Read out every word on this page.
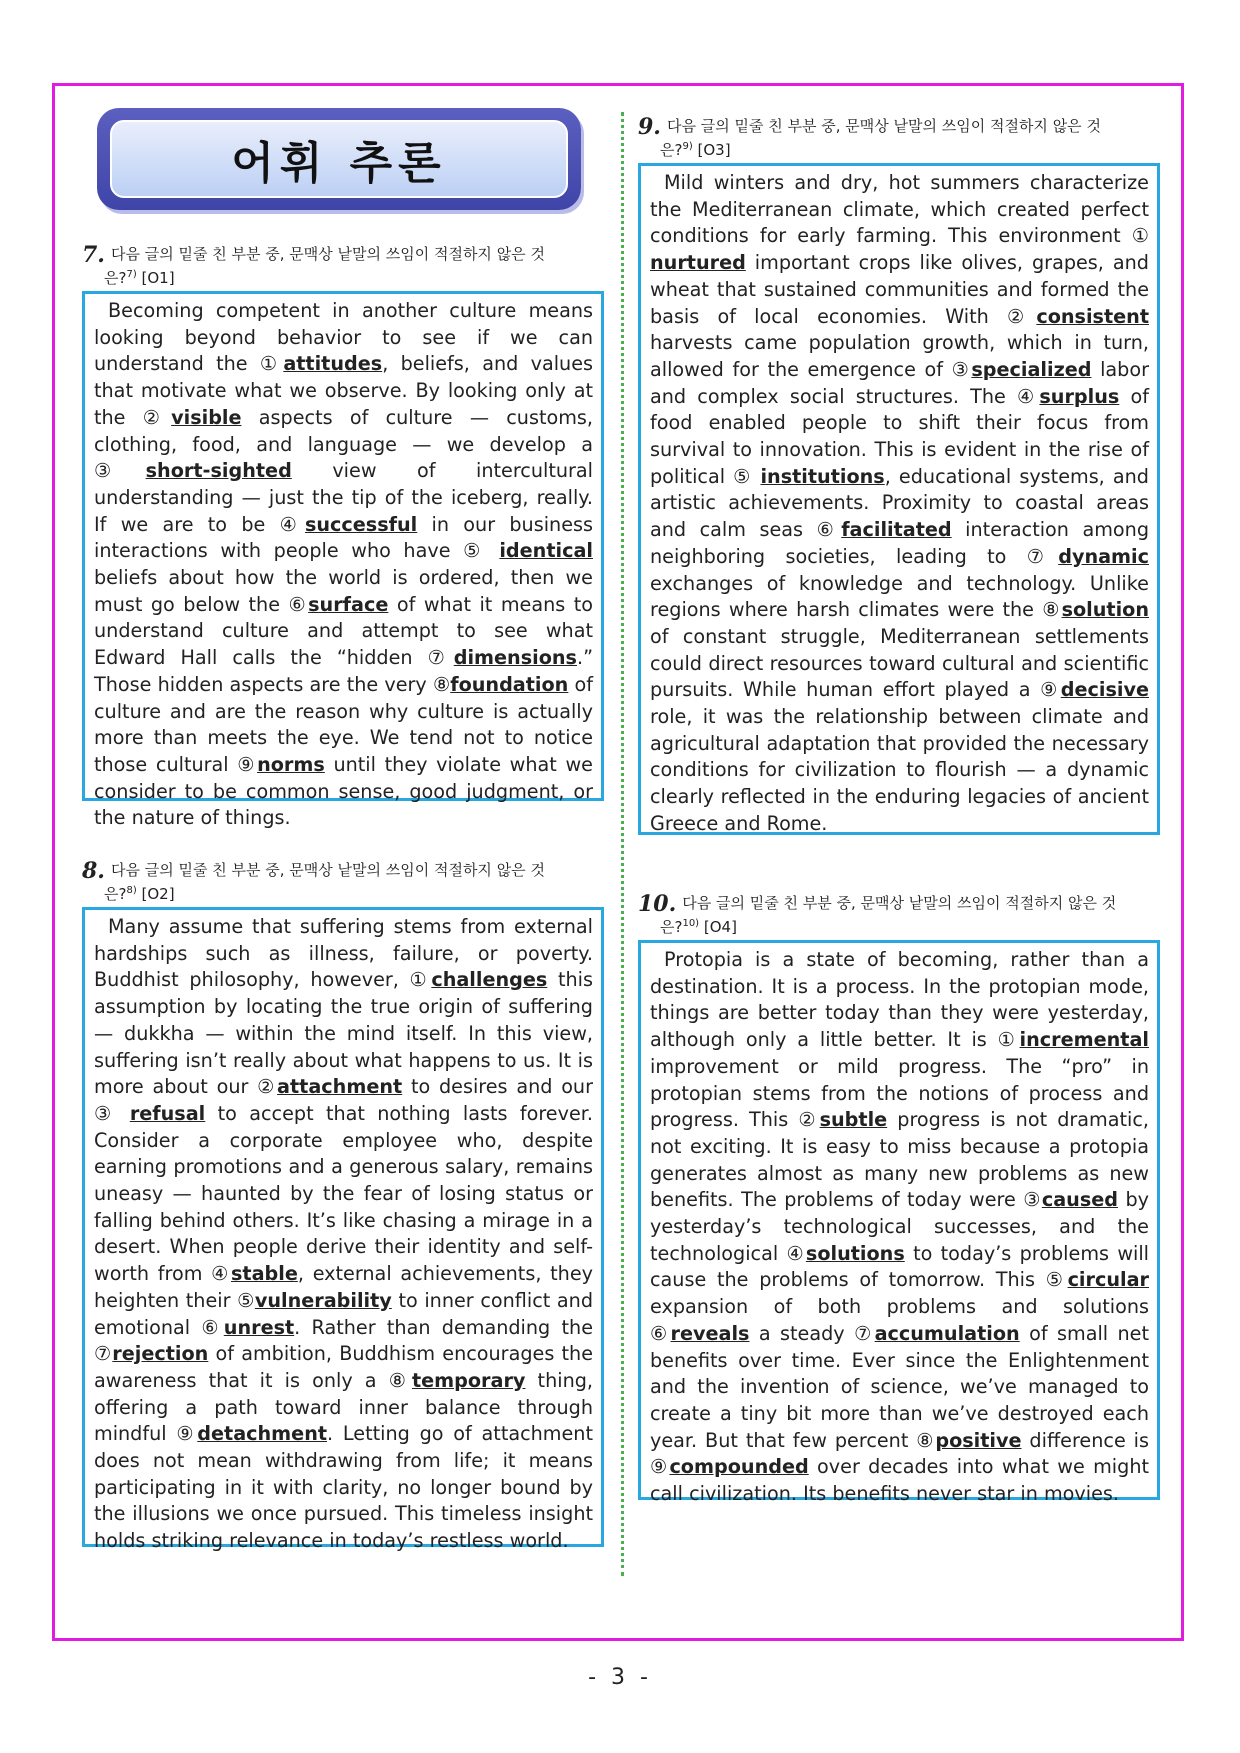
어휘 추론
7. 다음 글의 밑줄 친 부분 중, 문맥상 낱말의 쓰임이 적절하지 않은 것
은?$^{7)}$ [O1]

Becoming competent in another culture means looking beyond behavior to see if we can understand the ①attitudes, beliefs, and values that motivate what we observe. By looking only at the ②visible aspects of culture — customs, clothing, food, and language — we develop a ③short-sighted view of intercultural understanding — just the tip of the iceberg, really. If we are to be ④successful in our business interactions with people who have ⑤ identical beliefs about how the world is ordered, then we must go below the ⑥surface of what it means to understand culture and attempt to see what Edward Hall calls the “hidden ⑦dimensions.” Those hidden aspects are the very ⑧foundation of culture and are the reason why culture is actually more than meets the eye. We tend not to notice those cultural ⑨norms until they violate what we consider to be common sense, good judgment, or the nature of things.

8. 다음 글의 밑줄 친 부분 중, 문맥상 낱말의 쓰임이 적절하지 않은 것
은?$^{8)}$ [O2]

Many assume that suffering stems from external hardships such as illness, failure, or poverty. Buddhist philosophy, however, ①challenges this assumption by locating the true origin of suffering — dukkha — within the mind itself. In this view, suffering isn’t really about what happens to us. It is more about our ②attachment to desires and our ③ refusal to accept that nothing lasts forever. Consider a corporate employee who, despite earning promotions and a generous salary, remains uneasy — haunted by the fear of losing status or falling behind others. It’s like chasing a mirage in a desert. When people derive their identity and self-worth from ④stable, external achievements, they heighten their ⑤vulnerability to inner conflict and emotional ⑥unrest. Rather than demanding the ⑦rejection of ambition, Buddhism encourages the awareness that it is only a ⑧temporary thing, offering a path toward inner balance through mindful ⑨detachment. Letting go of attachment does not mean withdrawing from life; it means participating in it with clarity, no longer bound by the illusions we once pursued. This timeless insight holds striking relevance in today’s restless world.

9. 다음 글의 밑줄 친 부분 중, 문맥상 낱말의 쓰임이 적절하지 않은 것
은?$^{9)}$ [O3]

Mild winters and dry, hot summers characterize the Mediterranean climate, which created perfect conditions for early farming. This environment ① nurtured important crops like olives, grapes, and wheat that sustained communities and formed the basis of local economies. With ②consistent harvests came population growth, which in turn, allowed for the emergence of ③specialized labor and complex social structures. The ④surplus of food enabled people to shift their focus from survival to innovation. This is evident in the rise of political ⑤ institutions, educational systems, and artistic achievements. Proximity to coastal areas and calm seas ⑥facilitated interaction among neighboring societies, leading to ⑦dynamic exchanges of knowledge and technology. Unlike regions where harsh climates were the ⑧solution of constant struggle, Mediterranean settlements could direct resources toward cultural and scientific pursuits. While human effort played a ⑨decisive role, it was the relationship between climate and agricultural adaptation that provided the necessary conditions for civilization to flourish — a dynamic clearly reflected in the enduring legacies of ancient Greece and Rome.

10. 다음 글의 밑줄 친 부분 중, 문맥상 낱말의 쓰임이 적절하지 않은 것
은?$^{10)}$ [O4]

Protopia is a state of becoming, rather than a destination. It is a process. In the protopian mode, things are better today than they were yesterday, although only a little better. It is ①incremental improvement or mild progress. The “pro” in protopian stems from the notions of process and progress. This ②subtle progress is not dramatic, not exciting. It is easy to miss because a protopia generates almost as many new problems as new benefits. The problems of today were ③caused by yesterday’s technological successes, and the technological ④solutions to today’s problems will cause the problems of tomorrow. This ⑤circular expansion of both problems and solutions ⑥reveals a steady ⑦accumulation of small net benefits over time. Ever since the Enlightenment and the invention of science, we’ve managed to create a tiny bit more than we’ve destroyed each year. But that few percent ⑧positive difference is ⑨compounded over decades into what we might call civilization. Its benefits never star in movies.

- 3 -
